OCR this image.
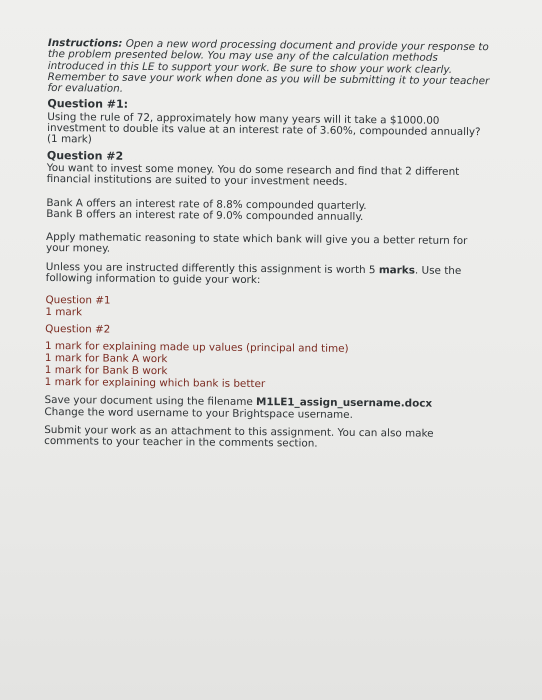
Instructions: Open a new word processing document and provide your response to the problem presented below. You may use any of the calculation methods introduced in this LE to support your work. Be sure to show your work clearly. Remember to save your work when done as you will be submitting it to your teacher for evaluation.

Question #1:

Using the rule of 72, approximately how many years will it take a $1000.00 investment to double its value at an interest rate of 3.60%, compounded annually? (1 mark)

Question #2

You want to invest some money. You do some research and find that 2 different financial institutions are suited to your investment needs.

Bank A offers an interest rate of 8.8% compounded quarterly.

Bank B offers an interest rate of 9.0% compounded annually.

Apply mathematic reasoning to state which bank will give you a better return for your money.

Unless you are instructed differently this assignment is worth 5 marks. Use the following information to guide your work:

Question #1
1 mark
Question #2
1 mark for explaining made up values (principal and time)
1 mark for Bank A work
1 mark for Bank B work
1 mark for explaining which bank is better

Save your document using the filename M1LE1_assign_username.docx

Change the word username to your Brightspace username.

Submit your work as an attachment to this assignment. You can also make comments to your teacher in the comments section.
